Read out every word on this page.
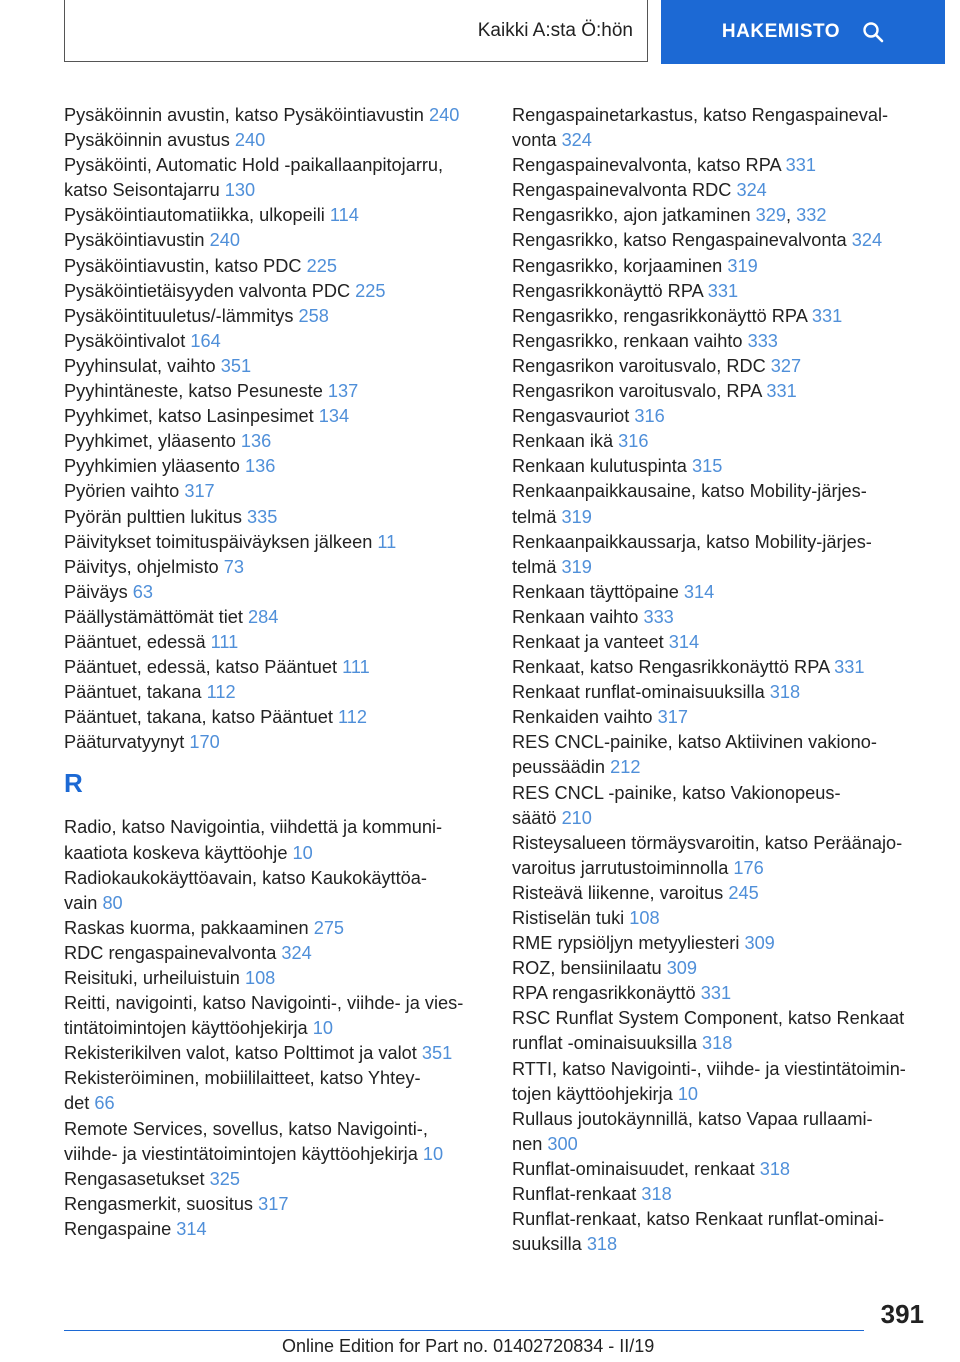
Kaikki A:sta Ö:hön	HAKEMISTO
Pysäköinnin avustin, katso Pysäköintiavustin 240
Pysäköinnin avustus 240
Pysäköinti, Automatic Hold -paikallaanpitojarru,
katso Seisontajarru 130
Pysäköintiautomatiikka, ulkopeili 114
Pysäköintiavustin 240
Pysäköintiavustin, katso PDC 225
Pysäköintietäisyyden valvonta PDC 225
Pysäköintituuletus/-lämmitys 258
Pysäköintivalot 164
Pyyhinsulat, vaihto 351
Pyyhintäneste, katso Pesuneste 137
Pyyhkimet, katso Lasinpesimet 134
Pyyhkimet, yläasento 136
Pyyhkimien yläasento 136
Pyörien vaihto 317
Pyörän pulttien lukitus 335
Päivitykset toimituspäiväyksen jälkeen 11
Päivitys, ohjelmisto 73
Päiväys 63
Päällystämättömät tiet 284
Pääntuet, edessä 111
Pääntuet, edessä, katso Pääntuet 111
Pääntuet, takana 112
Pääntuet, takana, katso Pääntuet 112
Pääturvatyynyt 170
R
Radio, katso Navigointia, viihdettä ja kommuni-
kaatiota koskeva käyttöohje 10
Radiokaukokäyttöavain, katso Kaukokäyttöa-
vain 80
Raskas kuorma, pakkaaminen 275
RDC rengaspainevalvonta 324
Reisituki, urheiluistuin 108
Reitti, navigointi, katso Navigointi-, viihde- ja vies-
tintätoimintojen käyttöohjekirja 10
Rekisterikilven valot, katso Polttimot ja valot 351
Rekisteröiminen, mobiililaitteet, katso Yhtey-
det 66
Remote Services, sovellus, katso Navigointi-,
viihde- ja viestintätoimintojen käyttöohjekirja 10
Rengasasetukset 325
Rengasmerkit, suositus 317
Rengaspaine 314
Rengaspainetarkastus, katso Rengaspaineval-
vonta 324
Rengaspainevalvonta, katso RPA 331
Rengaspainevalvonta RDC 324
Rengasrikko, ajon jatkaminen 329, 332
Rengasrikko, katso Rengaspainevalvonta 324
Rengasrikko, korjaaminen 319
Rengasrikkonäyttö RPA 331
Rengasrikko, rengasrikkonäyttö RPA 331
Rengasrikko, renkaan vaihto 333
Rengasrikon varoitusvalo, RDC 327
Rengasrikon varoitusvalo, RPA 331
Rengasvauriot 316
Renkaan ikä 316
Renkaan kulutuspinta 315
Renkaanpaikkausaine, katso Mobility-järjes-
telmä 319
Renkaanpaikkaussarja, katso Mobility-järjes-
telmä 319
Renkaan täyttöpaine 314
Renkaan vaihto 333
Renkaat ja vanteet 314
Renkaat, katso Rengasrikkonäyttö RPA 331
Renkaat runflat-ominaisuuksilla 318
Renkaiden vaihto 317
RES CNCL-painike, katso Aktiivinen vakiono-
peussäädin 212
RES CNCL -painike, katso Vakionopeus-
säätö 210
Risteysalueen törmäysvaroitin, katso Peräänajo-
varoitus jarrutustoiminnolla 176
Risteävä liikenne, varoitus 245
Ristiselän tuki 108
RME rypsiöljyn metyyliesteri 309
ROZ, bensiinilaatu 309
RPA rengasrikkonäyttö 331
RSC Runflat System Component, katso Renkaat
runflat -ominaisuuksilla 318
RTTI, katso Navigointi-, viihde- ja viestintätoimin-
tojen käyttöohjekirja 10
Rullaus joutokäynnillä, katso Vapaa rullaami-
nen 300
Runflat-ominaisuudet, renkaat 318
Runflat-renkaat 318
Runflat-renkaat, katso Renkaat runflat-ominai-
suuksilla 318
391
Online Edition for Part no. 01402720834 - II/19
